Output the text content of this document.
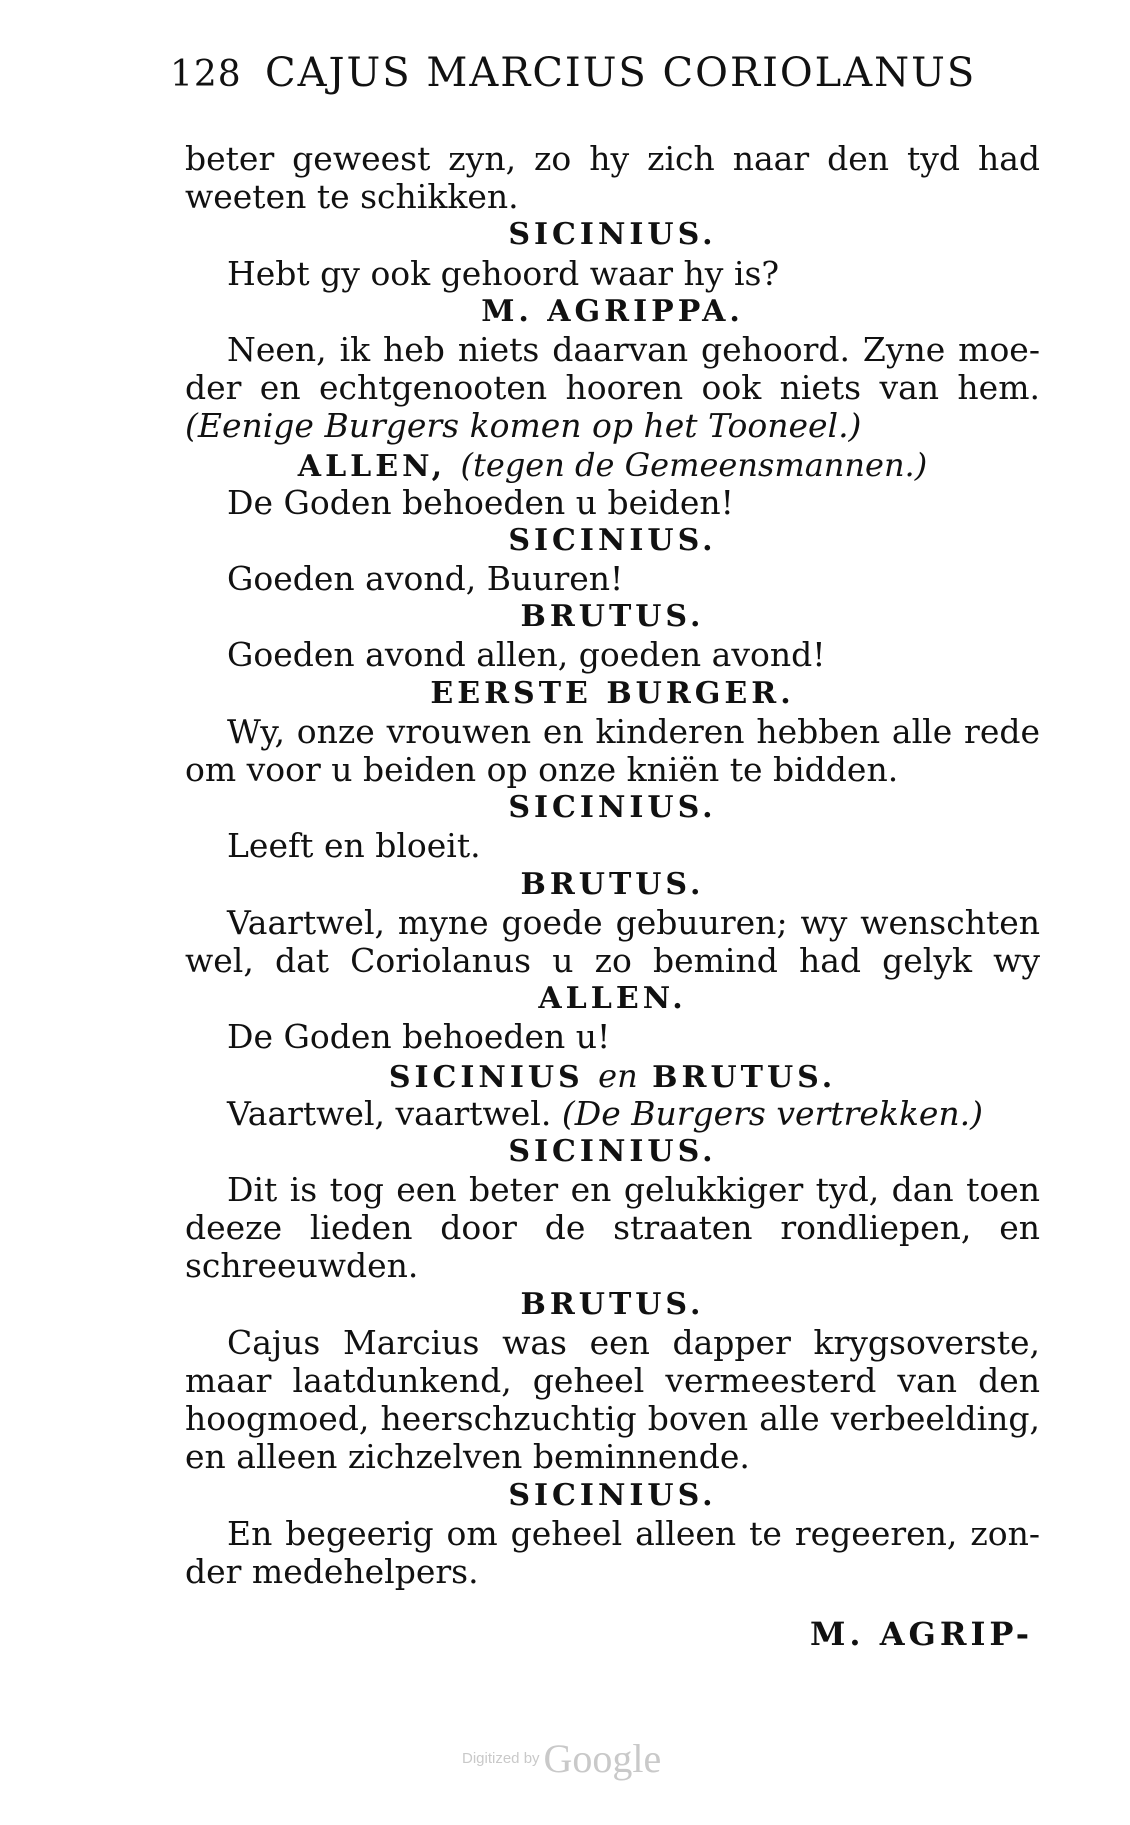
128 CAJUS MARCIUS CORIOLANUS
beter geweest zyn, zo hy zich naar den tyd had
weeten te schikken.
SICINIUS.
Hebt gy ook gehoord waar hy is?
M. AGRIPPA.
Neen, ik heb niets daarvan gehoord. Zyne moe-
der en echtgenooten hooren ook niets van hem.
(Eenige Burgers komen op het Tooneel.)
ALLEN, (tegen de Gemeensmannen.)
De Goden behoeden u beiden!
SICINIUS.
Goeden avond, Buuren!
BRUTUS.
Goeden avond allen, goeden avond!
EERSTE BURGER.
Wy, onze vrouwen en kinderen hebben alle rede
om voor u beiden op onze kniën te bidden.
SICINIUS.
Leeft en bloeit.
BRUTUS.
Vaartwel, myne goede gebuuren; wy wenschten
wel, dat Coriolanus u zo bemind had gelyk wy
ALLEN.
De Goden behoeden u!
SICINIUS en BRUTUS.
Vaartwel, vaartwel. (De Burgers vertrekken.)
SICINIUS.
Dit is tog een beter en gelukkiger tyd, dan toen
deeze lieden door de straaten rondliepen, en
schreeuwden.
BRUTUS.
Cajus Marcius was een dapper krygsoverste,
maar laatdunkend, geheel vermeesterd van den
hoogmoed, heerschzuchtig boven alle verbeelding,
en alleen zichzelven beminnende.
SICINIUS.
En begeerig om geheel alleen te regeeren, zon-
der medehelpers.
M. AGRIP-
Digitized by Google
